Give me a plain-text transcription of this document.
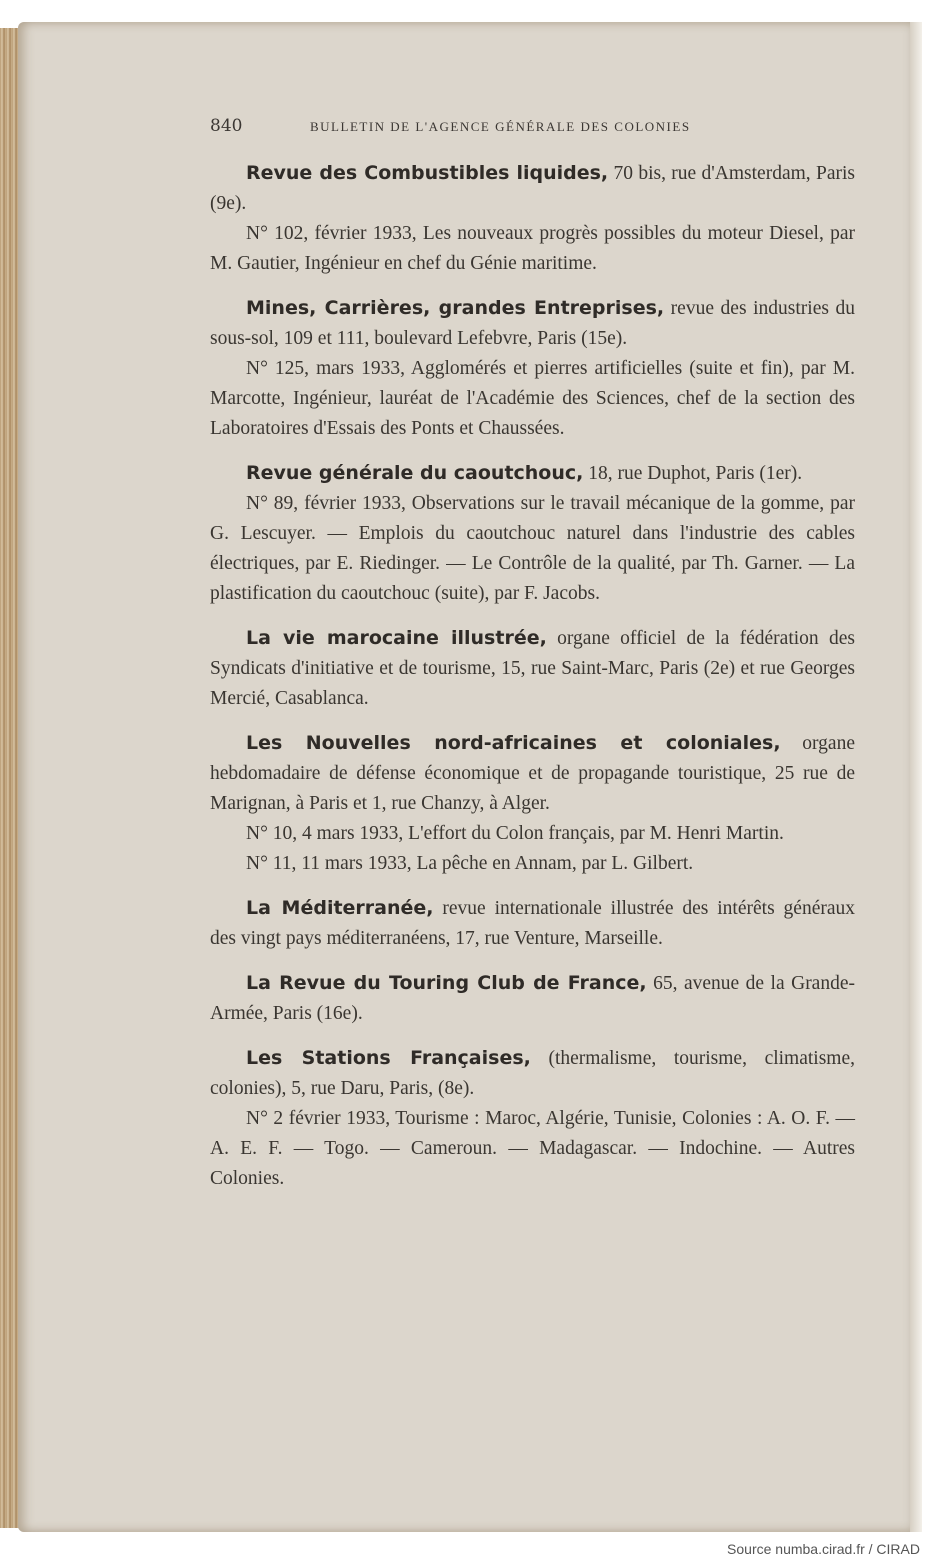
840	BULLETIN DE L'AGENCE GÉNÉRALE DES COLONIES

Revue des Combustibles liquides, 70 bis, rue d'Amsterdam, Paris (9e).

N° 102, février 1933, Les nouveaux progrès possibles du moteur Diesel, par M. Gautier, Ingénieur en chef du Génie maritime.

Mines, Carrières, grandes Entreprises, revue des industries du sous-sol, 109 et 111, boulevard Lefebvre, Paris (15e).

N° 125, mars 1933, Agglomérés et pierres artificielles (suite et fin), par M. Marcotte, Ingénieur, lauréat de l'Académie des Sciences, chef de la section des Laboratoires d'Essais des Ponts et Chaussées.

Revue générale du caoutchouc, 18, rue Duphot, Paris (1er).

N° 89, février 1933, Observations sur le travail mécanique de la gomme, par G. Lescuyer. — Emplois du caoutchouc naturel dans l'industrie des cables électriques, par E. Riedinger. — Le Contrôle de la qualité, par Th. Garner. — La plastification du caoutchouc (suite), par F. Jacobs.

La vie marocaine illustrée, organe officiel de la fédération des Syndicats d'initiative et de tourisme, 15, rue Saint-Marc, Paris (2e) et rue Georges Mercié, Casablanca.

Les Nouvelles nord-africaines et coloniales, organe hebdomadaire de défense économique et de propagande touristique, 25 rue de Marignan, à Paris et 1, rue Chanzy, à Alger.

N° 10, 4 mars 1933, L'effort du Colon français, par M. Henri Martin.

N° 11, 11 mars 1933, La pêche en Annam, par L. Gilbert.

La Méditerranée, revue internationale illustrée des intérêts généraux des vingt pays méditerranéens, 17, rue Venture, Marseille.

La Revue du Touring Club de France, 65, avenue de la Grande-Armée, Paris (16e).

Les Stations Françaises, (thermalisme, tourisme, climatisme, colonies), 5, rue Daru, Paris, (8e).

N° 2 février 1933, Tourisme : Maroc, Algérie, Tunisie, Colonies : A. O. F. — A. E. F. — Togo. — Cameroun. — Madagascar. — Indochine. — Autres Colonies.

Source numba.cirad.fr / CIRAD
